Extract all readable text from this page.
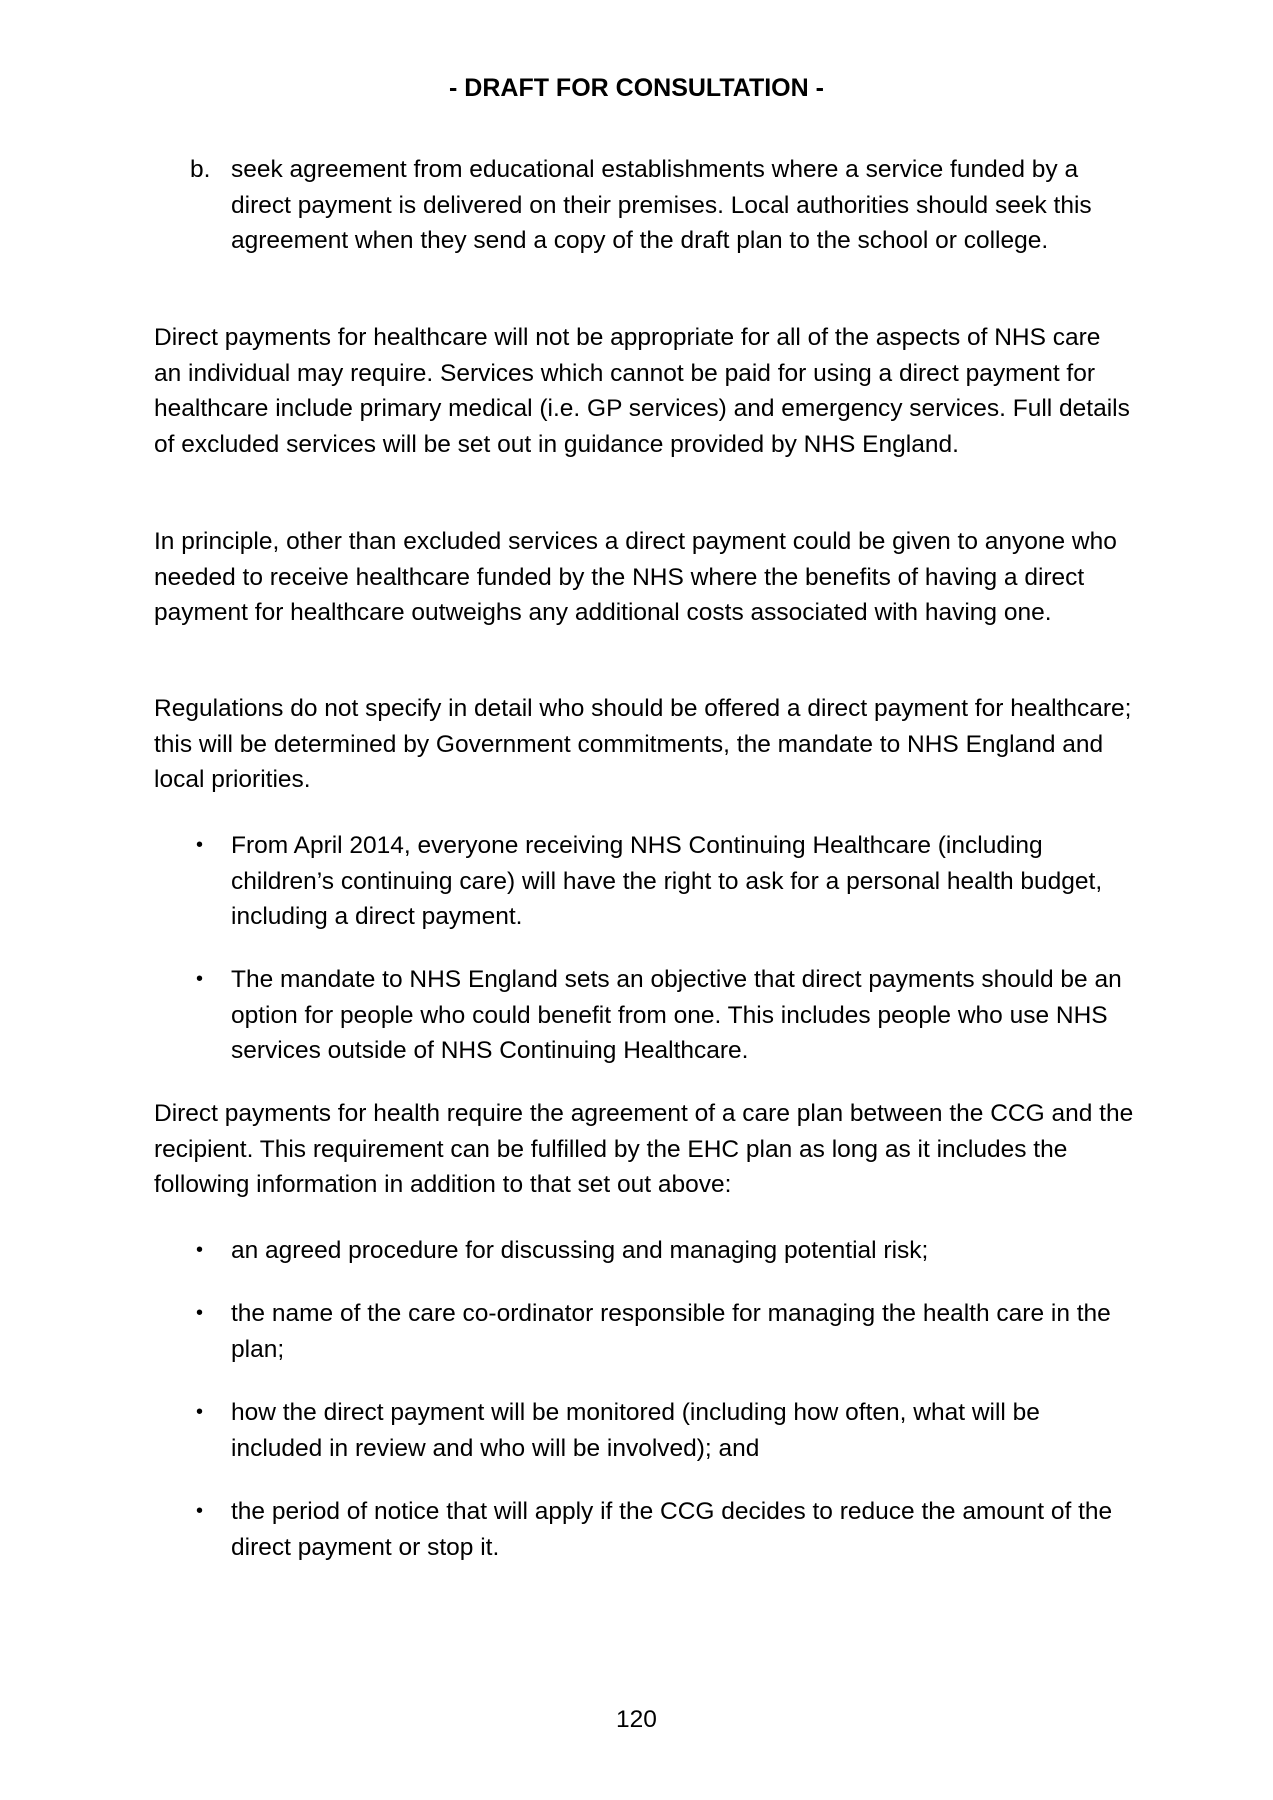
- DRAFT FOR CONSULTATION -
b. seek agreement from educational establishments where a service funded by a direct payment is delivered on their premises. Local authorities should seek this agreement when they send a copy of the draft plan to the school or college.
Direct payments for healthcare will not be appropriate for all of the aspects of NHS care an individual may require. Services which cannot be paid for using a direct payment for healthcare include primary medical (i.e. GP services) and emergency services. Full details of excluded services will be set out in guidance provided by NHS England.
In principle, other than excluded services a direct payment could be given to anyone who needed to receive healthcare funded by the NHS where the benefits of having a direct payment for healthcare outweighs any additional costs associated with having one.
Regulations do not specify in detail who should be offered a direct payment for healthcare; this will be determined by Government commitments, the mandate to NHS England and local priorities.
• From April 2014, everyone receiving NHS Continuing Healthcare (including children’s continuing care) will have the right to ask for a personal health budget, including a direct payment.
• The mandate to NHS England sets an objective that direct payments should be an option for people who could benefit from one. This includes people who use NHS services outside of NHS Continuing Healthcare.
Direct payments for health require the agreement of a care plan between the CCG and the recipient. This requirement can be fulfilled by the EHC plan as long as it includes the following information in addition to that set out above:
• an agreed procedure for discussing and managing potential risk;
• the name of the care co-ordinator responsible for managing the health care in the plan;
• how the direct payment will be monitored (including how often, what will be included in review and who will be involved); and
• the period of notice that will apply if the CCG decides to reduce the amount of the direct payment or stop it.
120
